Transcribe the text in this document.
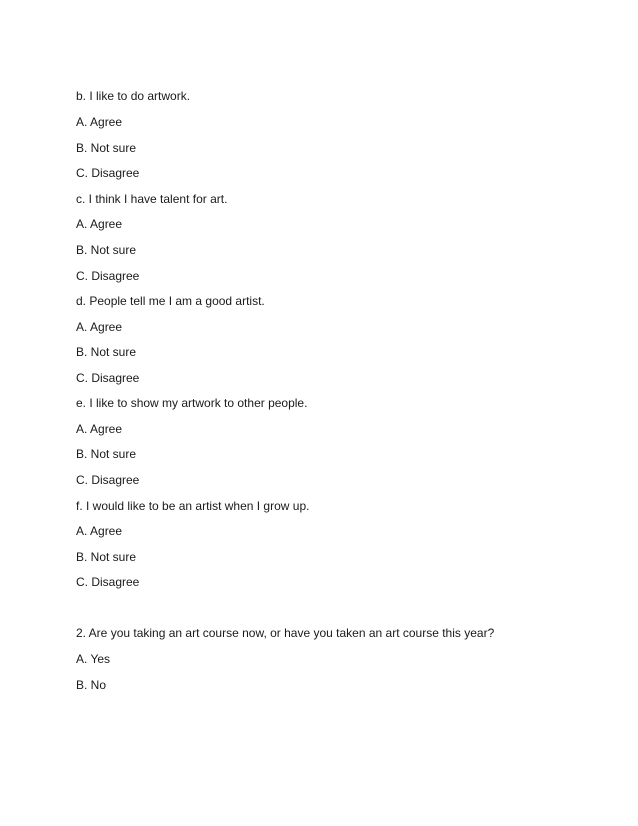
b. I like to do artwork.
A. Agree
B. Not sure
C. Disagree
c. I think I have talent for art.
A. Agree
B. Not sure
C. Disagree
d. People tell me I am a good artist.
A. Agree
B. Not sure
C. Disagree
e. I like to show my artwork to other people.
A. Agree
B. Not sure
C. Disagree
f. I would like to be an artist when I grow up.
A. Agree
B. Not sure
C. Disagree
2. Are you taking an art course now, or have you taken an art course this year?
A. Yes
B. No
